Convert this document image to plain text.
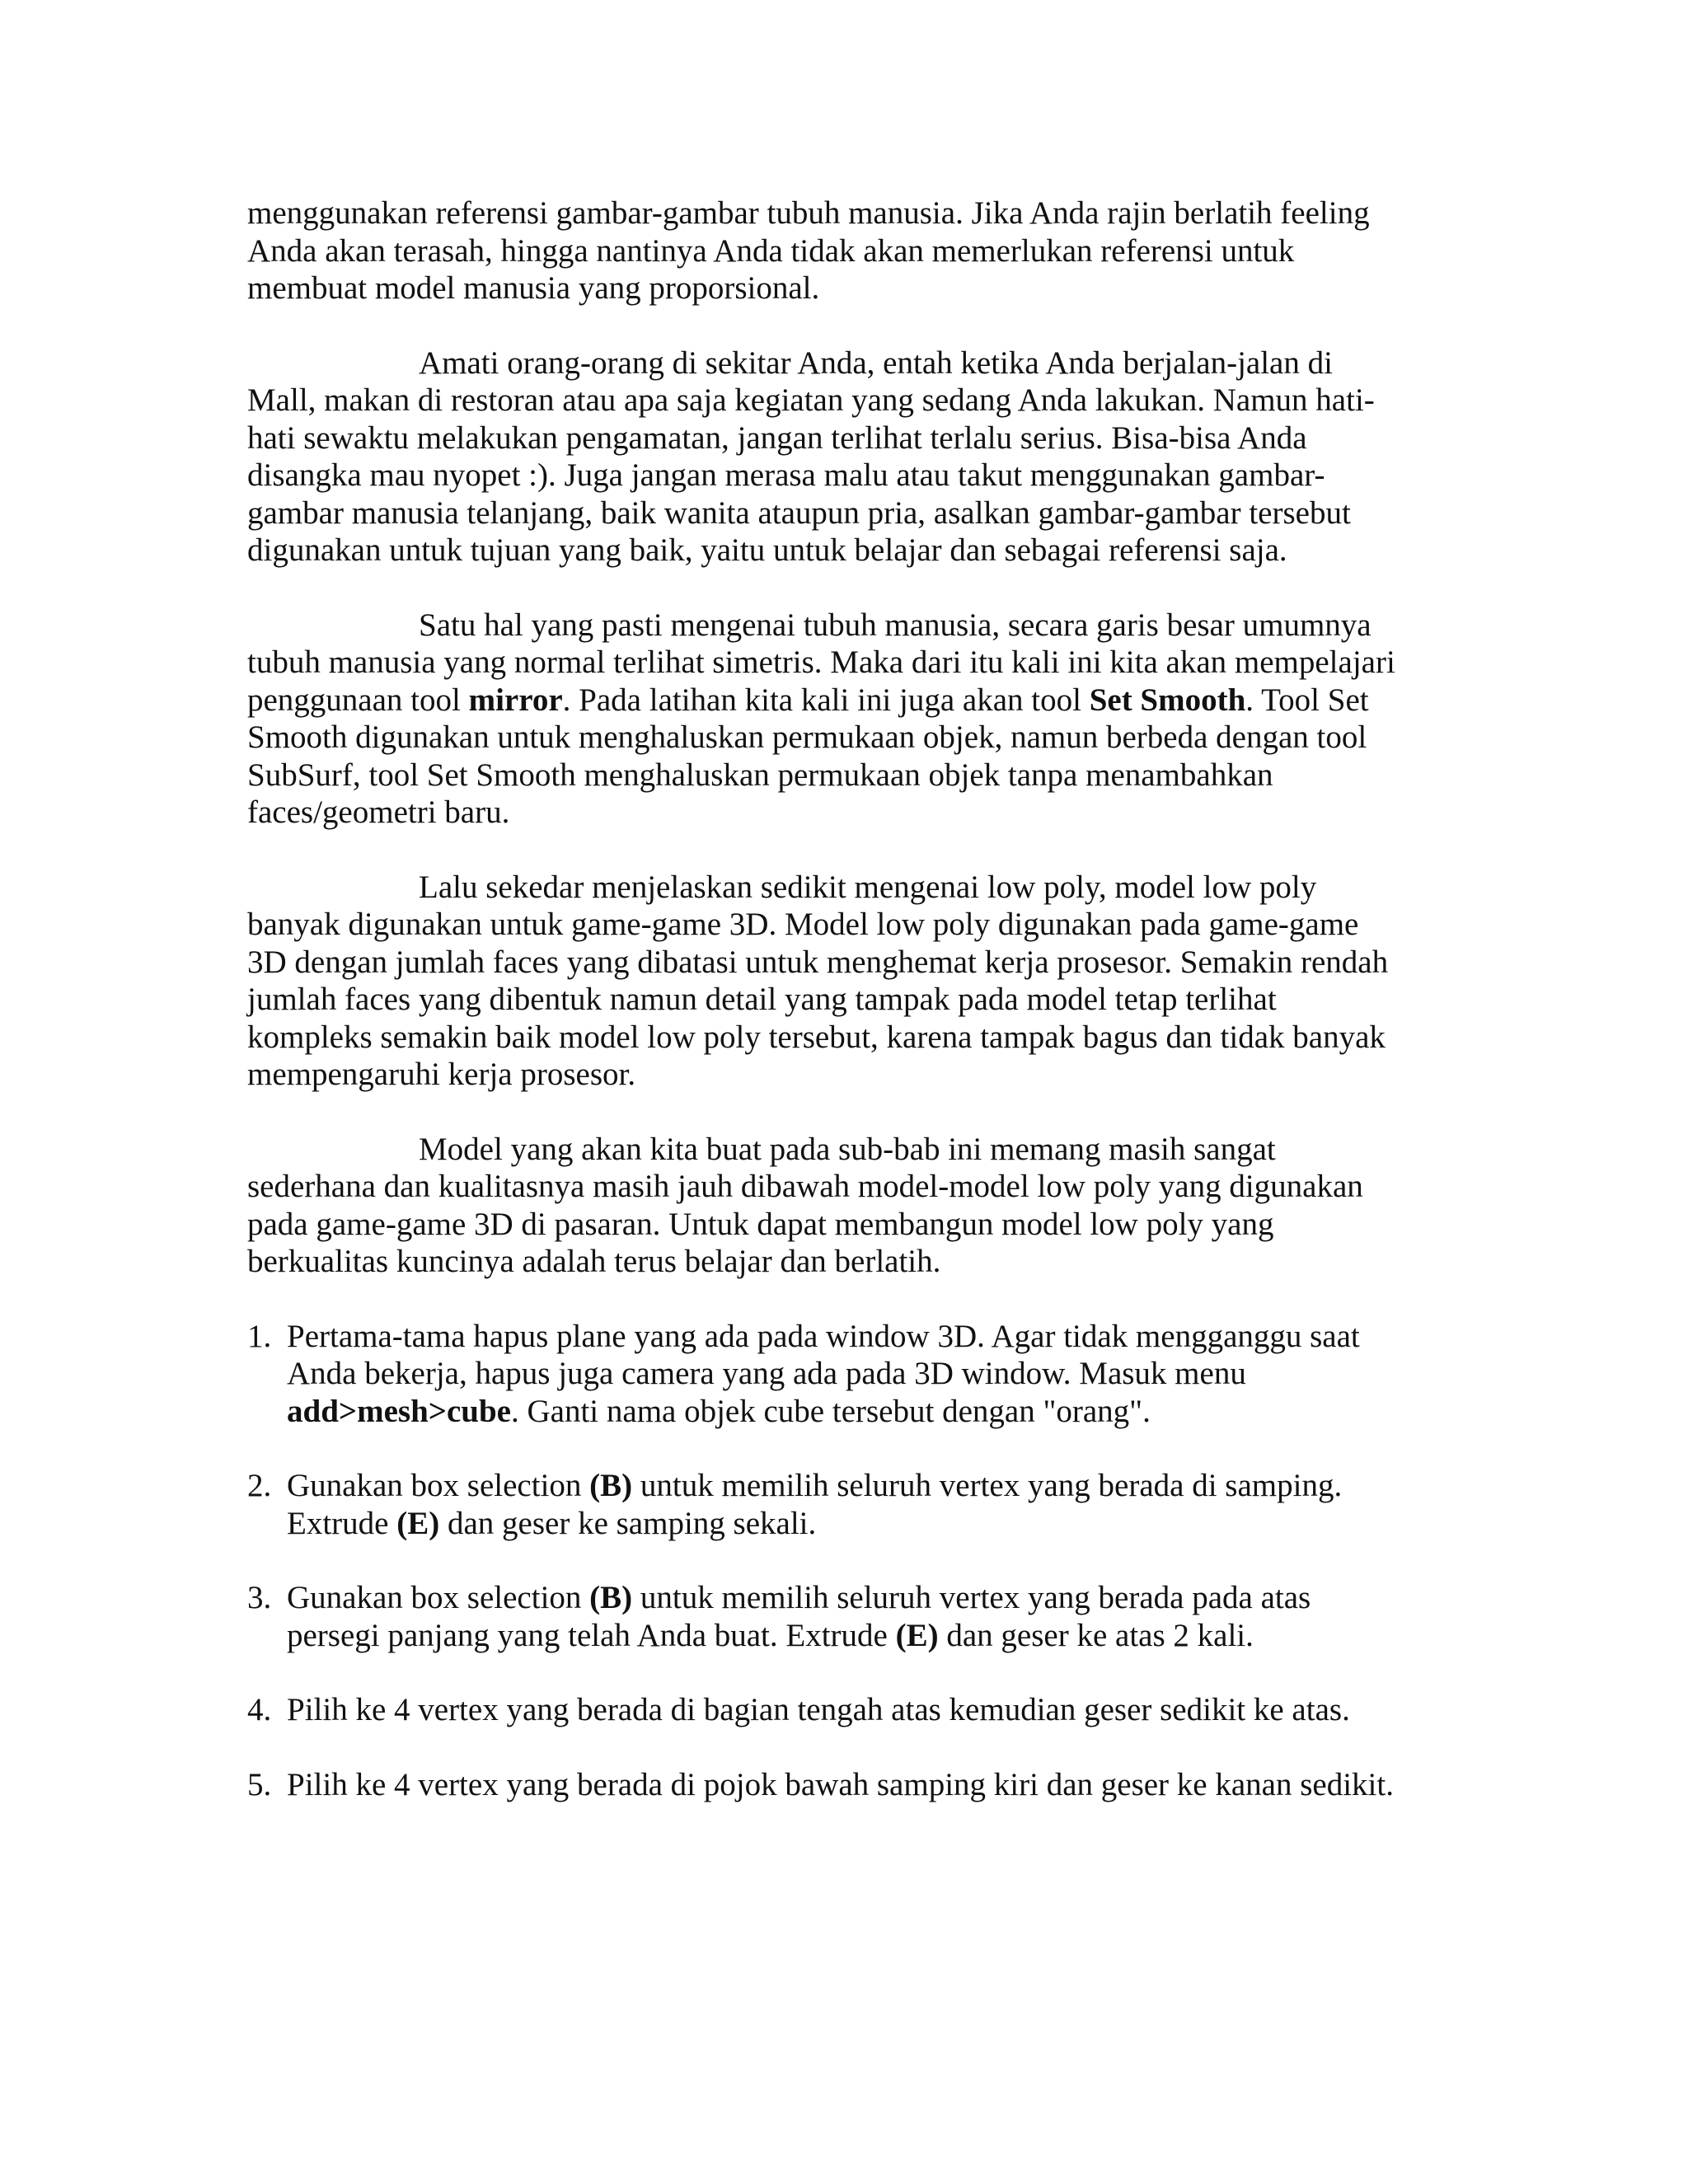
menggunakan referensi gambar-gambar tubuh manusia. Jika Anda rajin berlatih feeling
Anda akan terasah, hingga nantinya Anda tidak akan memerlukan referensi untuk
membuat model manusia yang proporsional.
Amati orang-orang di sekitar Anda, entah ketika Anda berjalan-jalan di
Mall, makan di restoran atau apa saja kegiatan yang sedang Anda lakukan. Namun hati-
hati sewaktu melakukan pengamatan, jangan terlihat terlalu serius. Bisa-bisa Anda
disangka mau nyopet :). Juga jangan merasa malu atau takut menggunakan gambar-
gambar manusia telanjang, baik wanita ataupun pria, asalkan gambar-gambar tersebut
digunakan untuk tujuan yang baik, yaitu untuk belajar dan sebagai referensi saja.
Satu hal yang pasti mengenai tubuh manusia, secara garis besar umumnya
tubuh manusia yang normal terlihat simetris. Maka dari itu kali ini kita akan mempelajari
penggunaan tool mirror. Pada latihan kita kali ini juga akan tool Set Smooth. Tool Set
Smooth digunakan untuk menghaluskan permukaan objek, namun berbeda dengan tool
SubSurf, tool Set Smooth menghaluskan permukaan objek tanpa menambahkan
faces/geometri baru.
Lalu sekedar menjelaskan sedikit mengenai low poly, model low poly
banyak digunakan untuk game-game 3D. Model low poly digunakan pada game-game
3D dengan jumlah faces yang dibatasi untuk menghemat kerja prosesor. Semakin rendah
jumlah faces yang dibentuk namun detail yang tampak pada model tetap terlihat
kompleks semakin baik model low poly tersebut, karena tampak bagus dan tidak banyak
mempengaruhi kerja prosesor.
Model yang akan kita buat pada sub-bab ini memang masih sangat
sederhana dan kualitasnya masih jauh dibawah model-model low poly yang digunakan
pada game-game 3D di pasaran. Untuk dapat membangun model low poly yang
berkualitas kuncinya adalah terus belajar dan berlatih.
1. Pertama-tama hapus plane yang ada pada window 3D. Agar tidak mengganggu saat
Anda bekerja, hapus juga camera yang ada pada 3D window. Masuk menu
add>mesh>cube. Ganti nama objek cube tersebut dengan "orang".
2. Gunakan box selection (B) untuk memilih seluruh vertex yang berada di samping.
Extrude (E) dan geser ke samping sekali.
3. Gunakan box selection (B) untuk memilih seluruh vertex yang berada pada atas
persegi panjang yang telah Anda buat. Extrude (E) dan geser ke atas 2 kali.
4. Pilih ke 4 vertex yang berada di bagian tengah atas kemudian geser sedikit ke atas.
5. Pilih ke 4 vertex yang berada di pojok bawah samping kiri dan geser ke kanan sedikit.
